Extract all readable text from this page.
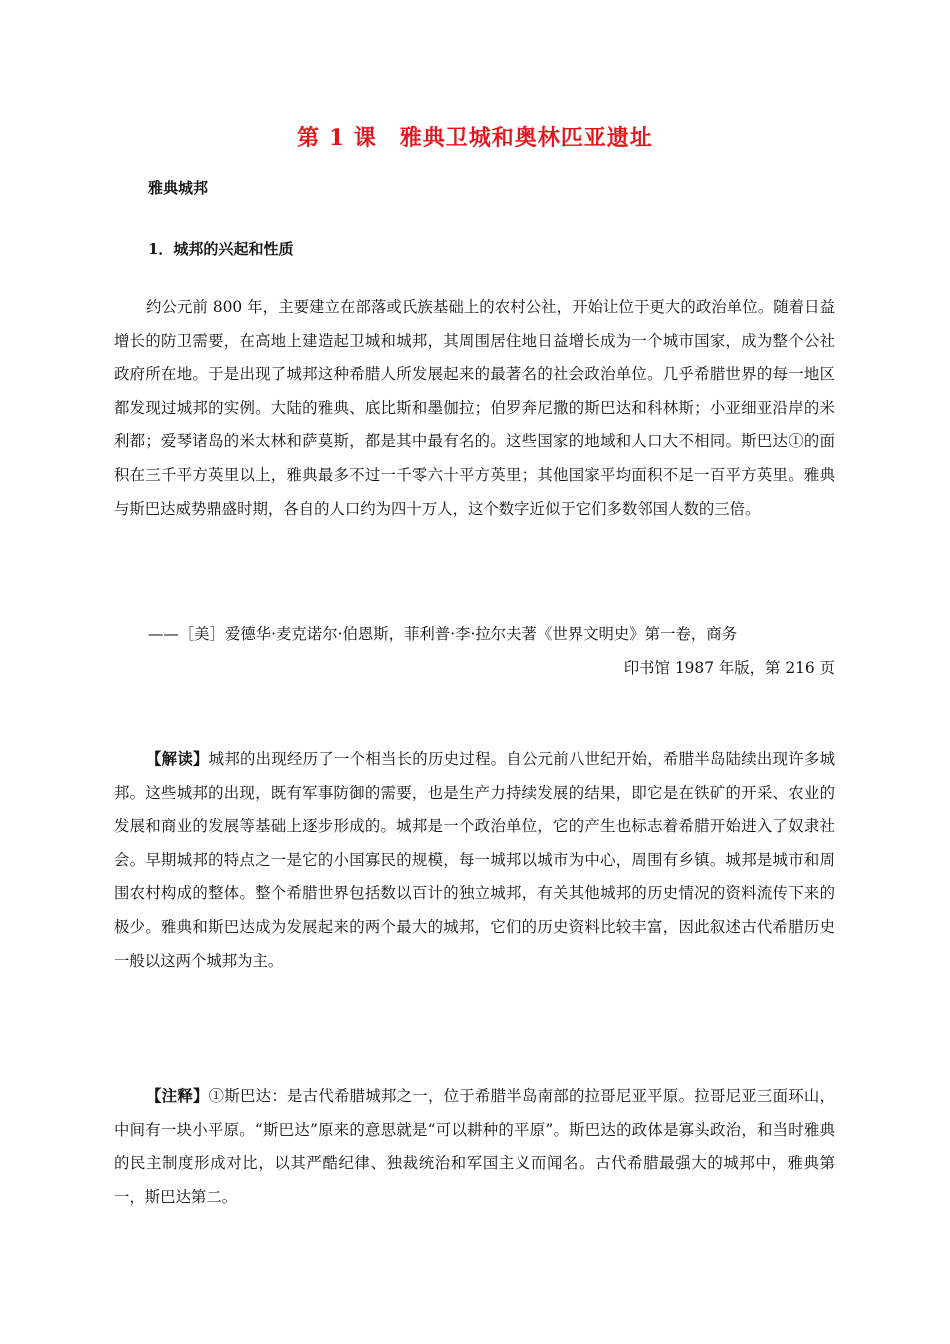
第 1 课　雅典卫城和奥林匹亚遗址
雅典城邦
1．城邦的兴起和性质

约公元前 800 年，主要建立在部落或氏族基础上的农村公社，开始让位于更大的政治单位。随着日益增长的防卫需要，在高地上建造起卫城和城邦，其周围居住地日益增长成为一个城市国家，成为整个公社政府所在地。于是出现了城邦这种希腊人所发展起来的最著名的社会政治单位。几乎希腊世界的每一地区都发现过城邦的实例。大陆的雅典、底比斯和墨伽拉；伯罗奔尼撒的斯巴达和科林斯；小亚细亚沿岸的米利都；爱琴诸岛的米太林和萨莫斯，都是其中最有名的。这些国家的地域和人口大不相同。斯巴达①的面积在三千平方英里以上，雅典最多不过一千零六十平方英里；其他国家平均面积不足一百平方英里。雅典与斯巴达威势鼎盛时期，各自的人口约为四十万人，这个数字近似于它们多数邻国人数的三倍。

——［美］爱德华·麦克诺尔·伯恩斯，菲利普·李·拉尔夫著《世界文明史》第一卷，商务
印书馆 1987 年版，第 216 页

【解读】城邦的出现经历了一个相当长的历史过程。自公元前八世纪开始，希腊半岛陆续出现许多城邦。这些城邦的出现，既有军事防御的需要，也是生产力持续发展的结果，即它是在铁矿的开采、农业的发展和商业的发展等基础上逐步形成的。城邦是一个政治单位，它的产生也标志着希腊开始进入了奴隶社会。早期城邦的特点之一是它的小国寡民的规模，每一城邦以城市为中心，周围有乡镇。城邦是城市和周围农村构成的整体。整个希腊世界包括数以百计的独立城邦，有关其他城邦的历史情况的资料流传下来的极少。雅典和斯巴达成为发展起来的两个最大的城邦，它们的历史资料比较丰富，因此叙述古代希腊历史一般以这两个城邦为主。

【注释】①斯巴达：是古代希腊城邦之一，位于希腊半岛南部的拉哥尼亚平原。拉哥尼亚三面环山，中间有一块小平原。“斯巴达”原来的意思就是“可以耕种的平原”。斯巴达的政体是寡头政治，和当时雅典的民主制度形成对比，以其严酷纪律、独裁统治和军国主义而闻名。古代希腊最强大的城邦中，雅典第一，斯巴达第二。
